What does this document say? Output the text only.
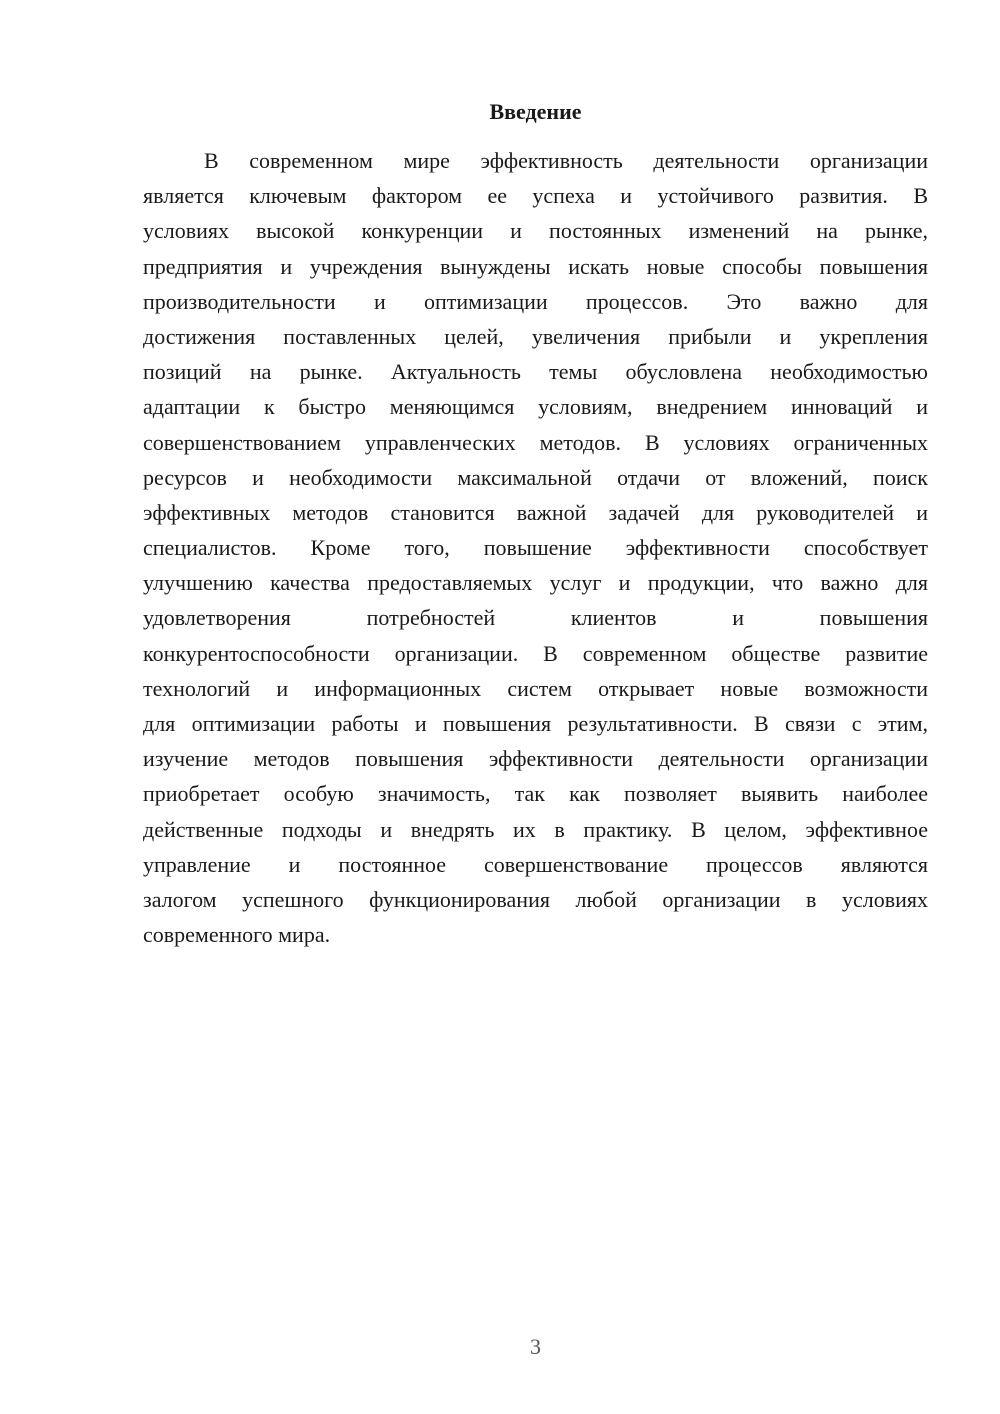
Введение
В современном мире эффективность деятельности организации
является ключевым фактором ее успеха и устойчивого развития. В
условиях высокой конкуренции и постоянных изменений на рынке,
предприятия и учреждения вынуждены искать новые способы повышения
производительности и оптимизации процессов. Это важно для
достижения поставленных целей, увеличения прибыли и укрепления
позиций на рынке. Актуальность темы обусловлена необходимостью
адаптации к быстро меняющимся условиям, внедрением инноваций и
совершенствованием управленческих методов. В условиях ограниченных
ресурсов и необходимости максимальной отдачи от вложений, поиск
эффективных методов становится важной задачей для руководителей и
специалистов. Кроме того, повышение эффективности способствует
улучшению качества предоставляемых услуг и продукции, что важно для
удовлетворения потребностей клиентов и повышения
конкурентоспособности организации. В современном обществе развитие
технологий и информационных систем открывает новые возможности
для оптимизации работы и повышения результативности. В связи с этим,
изучение методов повышения эффективности деятельности организации
приобретает особую значимость, так как позволяет выявить наиболее
действенные подходы и внедрять их в практику. В целом, эффективное
управление и постоянное совершенствование процессов являются
залогом успешного функционирования любой организации в условиях
современного мира.
3
